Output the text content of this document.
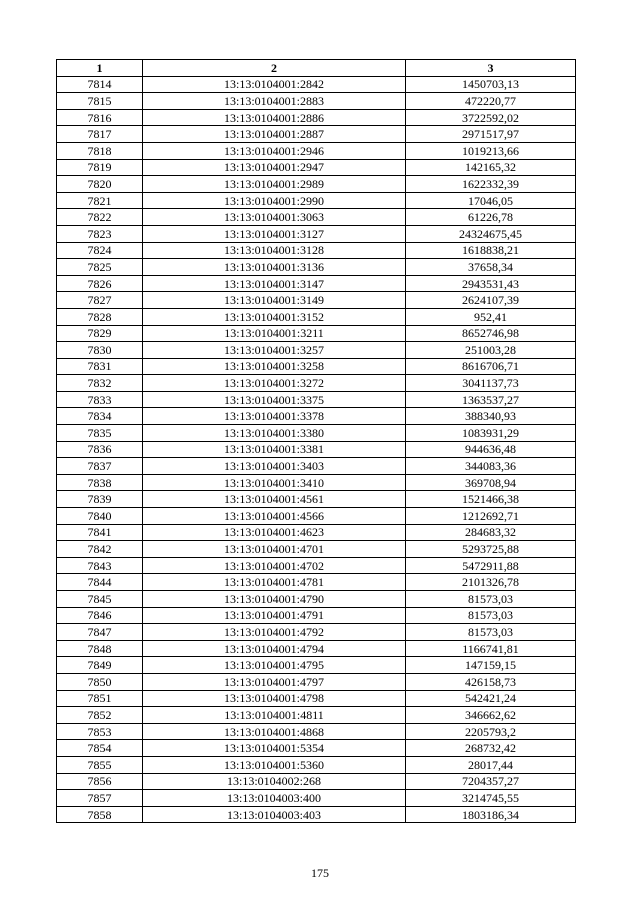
1	2	3
7814	13:13:0104001:2842	1450703,13
7815	13:13:0104001:2883	472220,77
7816	13:13:0104001:2886	3722592,02
7817	13:13:0104001:2887	2971517,97
7818	13:13:0104001:2946	1019213,66
7819	13:13:0104001:2947	142165,32
7820	13:13:0104001:2989	1622332,39
7821	13:13:0104001:2990	17046,05
7822	13:13:0104001:3063	61226,78
7823	13:13:0104001:3127	24324675,45
7824	13:13:0104001:3128	1618838,21
7825	13:13:0104001:3136	37658,34
7826	13:13:0104001:3147	2943531,43
7827	13:13:0104001:3149	2624107,39
7828	13:13:0104001:3152	952,41
7829	13:13:0104001:3211	8652746,98
7830	13:13:0104001:3257	251003,28
7831	13:13:0104001:3258	8616706,71
7832	13:13:0104001:3272	3041137,73
7833	13:13:0104001:3375	1363537,27
7834	13:13:0104001:3378	388340,93
7835	13:13:0104001:3380	1083931,29
7836	13:13:0104001:3381	944636,48
7837	13:13:0104001:3403	344083,36
7838	13:13:0104001:3410	369708,94
7839	13:13:0104001:4561	1521466,38
7840	13:13:0104001:4566	1212692,71
7841	13:13:0104001:4623	284683,32
7842	13:13:0104001:4701	5293725,88
7843	13:13:0104001:4702	5472911,88
7844	13:13:0104001:4781	2101326,78
7845	13:13:0104001:4790	81573,03
7846	13:13:0104001:4791	81573,03
7847	13:13:0104001:4792	81573,03
7848	13:13:0104001:4794	1166741,81
7849	13:13:0104001:4795	147159,15
7850	13:13:0104001:4797	426158,73
7851	13:13:0104001:4798	542421,24
7852	13:13:0104001:4811	346662,62
7853	13:13:0104001:4868	2205793,2
7854	13:13:0104001:5354	268732,42
7855	13:13:0104001:5360	28017,44
7856	13:13:0104002:268	7204357,27
7857	13:13:0104003:400	3214745,55
7858	13:13:0104003:403	1803186,34
175
